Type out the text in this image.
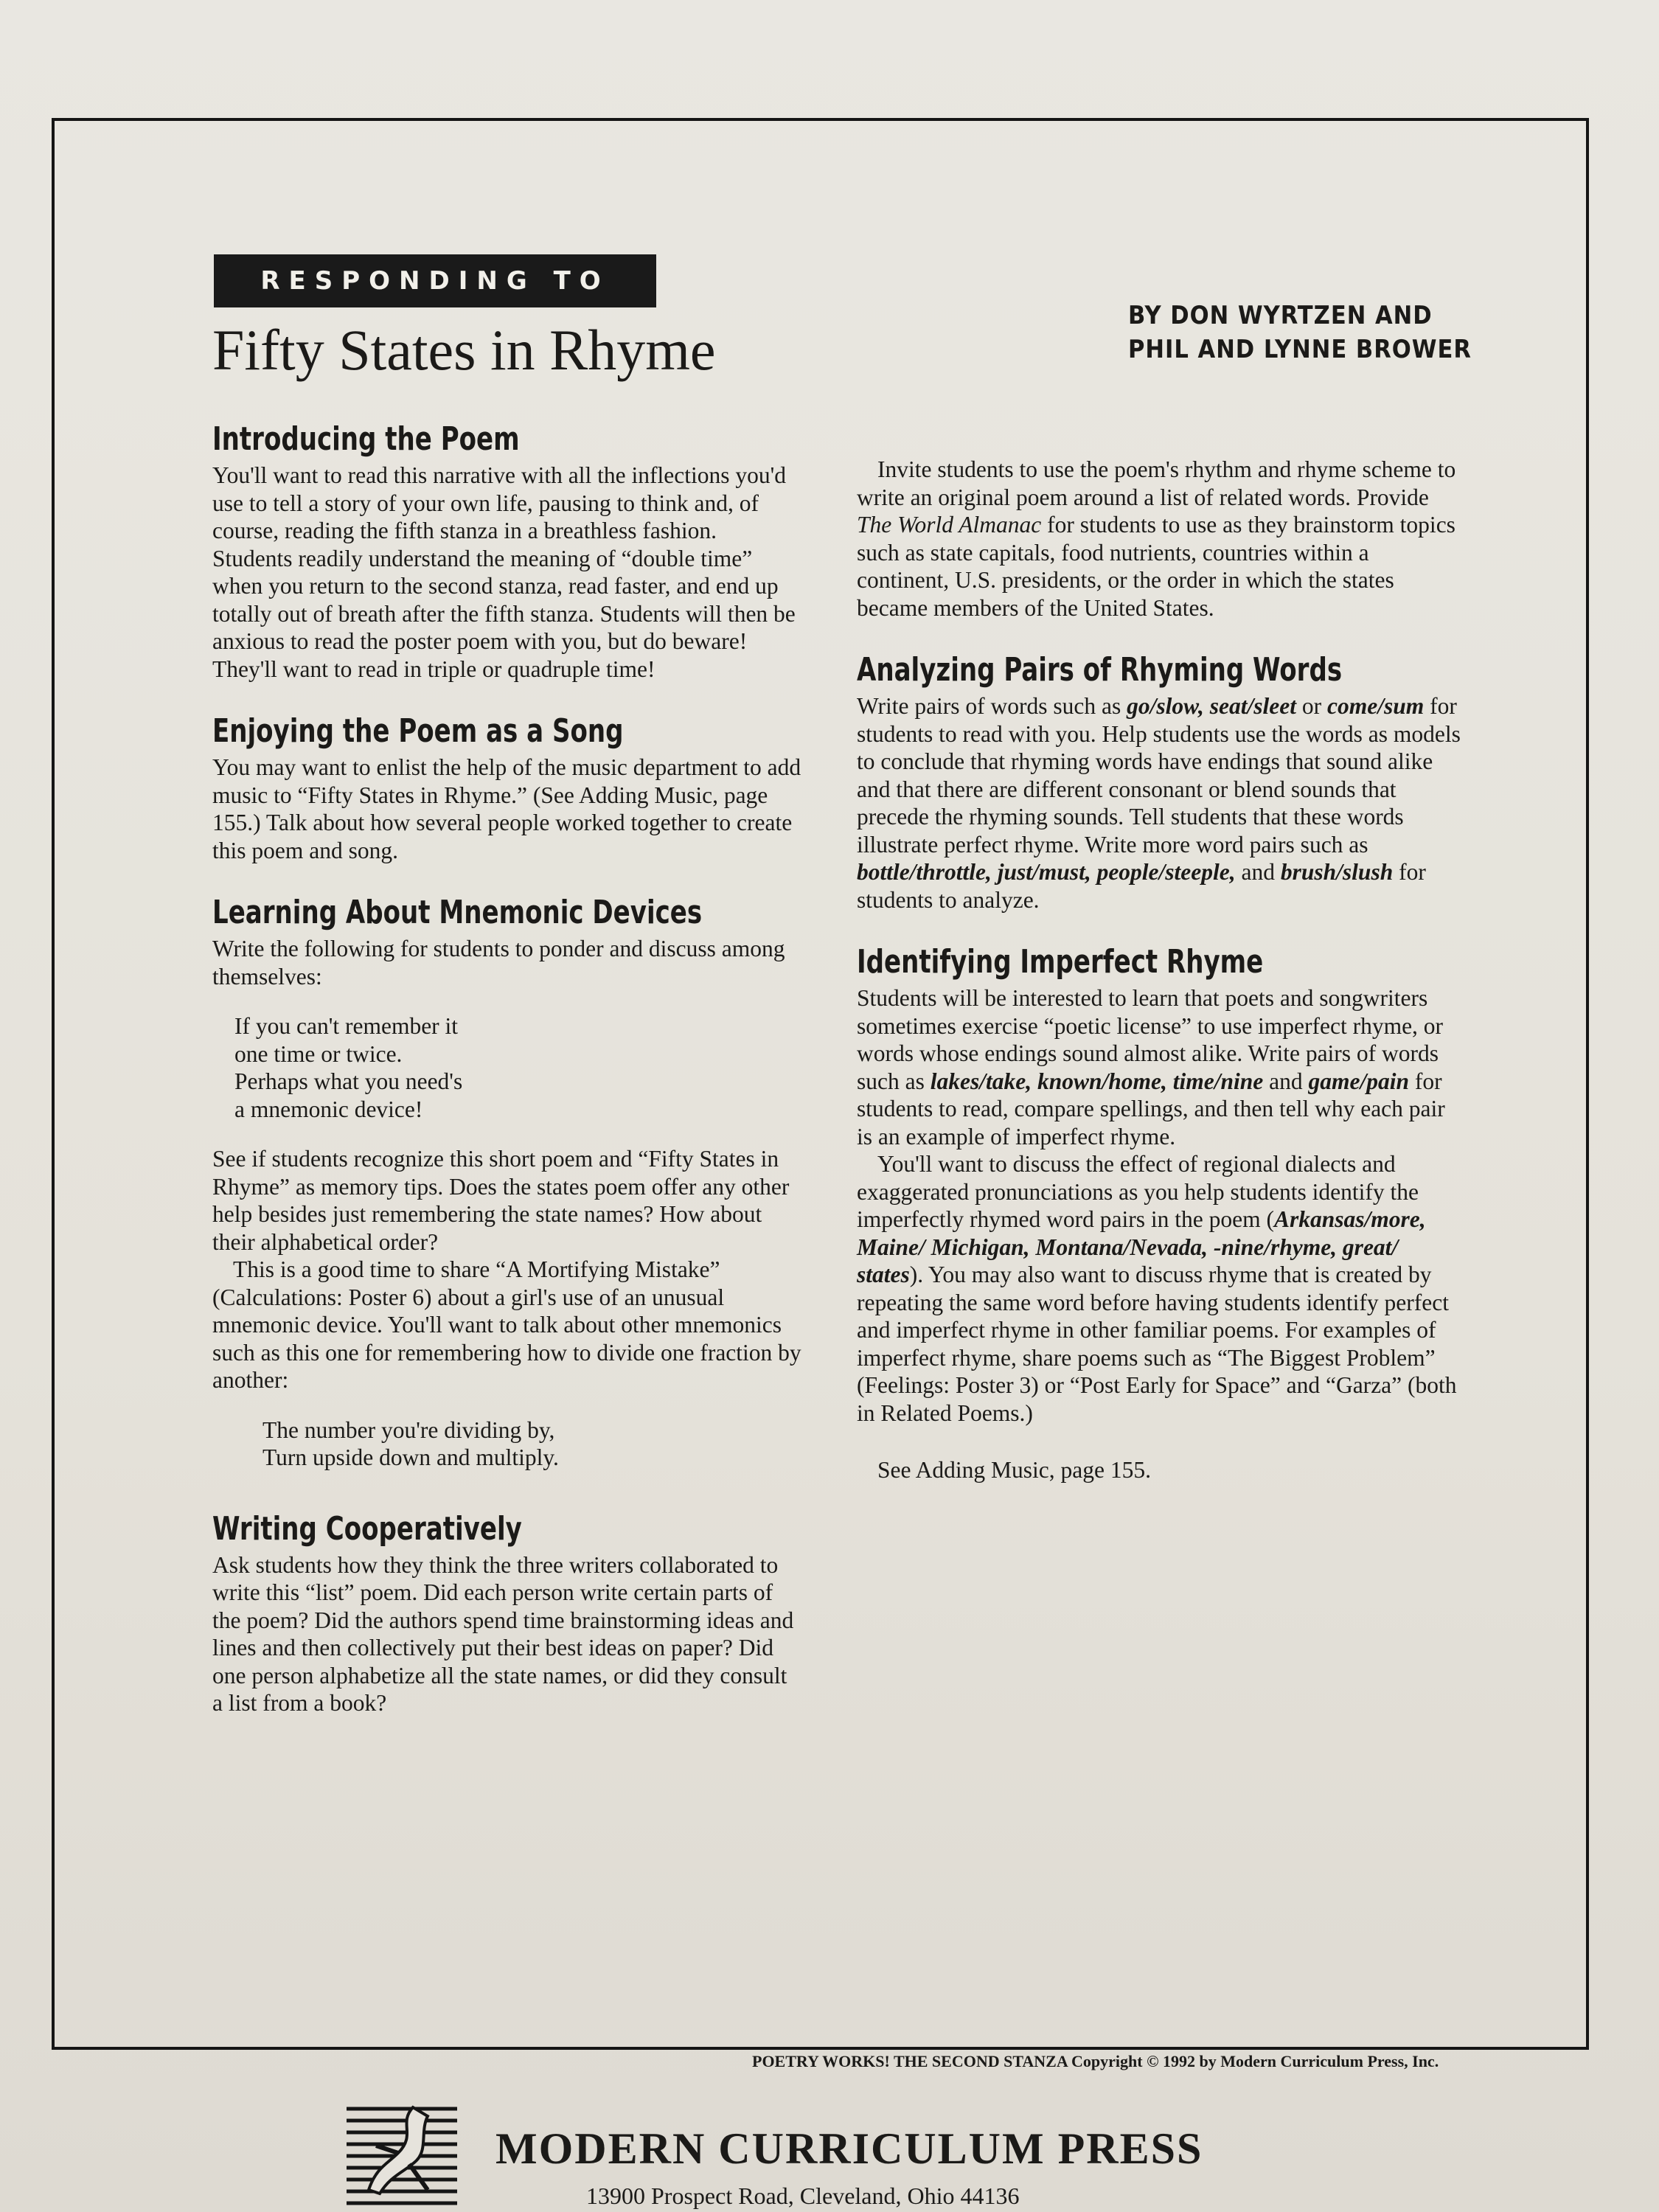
RESPONDING TO
Fifty States in Rhyme
BY DON WYRTZEN AND
PHIL AND LYNNE BROWER
Introducing the Poem

You'll want to read this narrative with all the inflections you'd use to tell a story of your own life, pausing to think and, of course, reading the fifth stanza in a breathless fashion. Students readily understand the meaning of “double time” when you return to the second stanza, read faster, and end up totally out of breath after the fifth stanza. Students will then be anxious to read the poster poem with you, but do beware! They'll want to read in triple or quadruple time!

Enjoying the Poem as a Song

You may want to enlist the help of the music department to add music to “Fifty States in Rhyme.” (See Adding Music, page 155.) Talk about how several people worked together to create this poem and song.

Learning About Mnemonic Devices

Write the following for students to ponder and discuss among themselves:

If you can't remember it
one time or twice.
Perhaps what you need's
a mnemonic device!

See if students recognize this short poem and “Fifty States in Rhyme” as memory tips. Does the states poem offer any other help besides just remembering the state names? How about their alphabetical order?

This is a good time to share “A Mortifying Mistake” (Calculations: Poster 6) about a girl's use of an unusual mnemonic device. You'll want to talk about other mnemonics such as this one for remembering how to divide one fraction by another:

The number you're dividing by,
Turn upside down and multiply.
Writing Cooperatively

Ask students how they think the three writers collaborated to write this “list” poem. Did each person write certain parts of the poem? Did the authors spend time brainstorming ideas and lines and then collectively put their best ideas on paper? Did one person alphabetize all the state names, or did they consult a list from a book?

Invite students to use the poem's rhythm and rhyme scheme to write an original poem around a list of related words. Provide The World Almanac for students to use as they brainstorm topics such as state capitals, food nutrients, countries within a continent, U.S. presidents, or the order in which the states became members of the United States.

Analyzing Pairs of Rhyming Words

Write pairs of words such as go/slow, seat/sleet or come/sum for students to read with you. Help students use the words as models to conclude that rhyming words have endings that sound alike and that there are different consonant or blend sounds that precede the rhyming sounds. Tell students that these words illustrate perfect rhyme. Write more word pairs such as bottle/throttle, just/must, people/steeple, and brush/slush for students to analyze.

Identifying Imperfect Rhyme

Students will be interested to learn that poets and songwriters sometimes exercise “poetic license” to use imperfect rhyme, or words whose endings sound almost alike. Write pairs of words such as lakes/take, known/home, time/nine and game/pain for students to read, compare spellings, and then tell why each pair is an example of imperfect rhyme.

You'll want to discuss the effect of regional dialects and exaggerated pronunciations as you help students identify the imperfectly rhymed word pairs in the poem (Arkansas/more, Maine/ Michigan, Montana/Nevada, -nine/rhyme, great/ states). You may also want to discuss rhyme that is created by repeating the same word before having students identify perfect and imperfect rhyme in other familiar poems. For examples of imperfect rhyme, share poems such as “The Biggest Problem” (Feelings: Poster 3) or “Post Early for Space” and “Garza” (both in Related Poems.)

See Adding Music, page 155.

POETRY WORKS! THE SECOND STANZA Copyright © 1992 by Modern Curriculum Press, Inc.
MODERN CURRICULUM PRESS
13900 Prospect Road, Cleveland, Ohio 44136
